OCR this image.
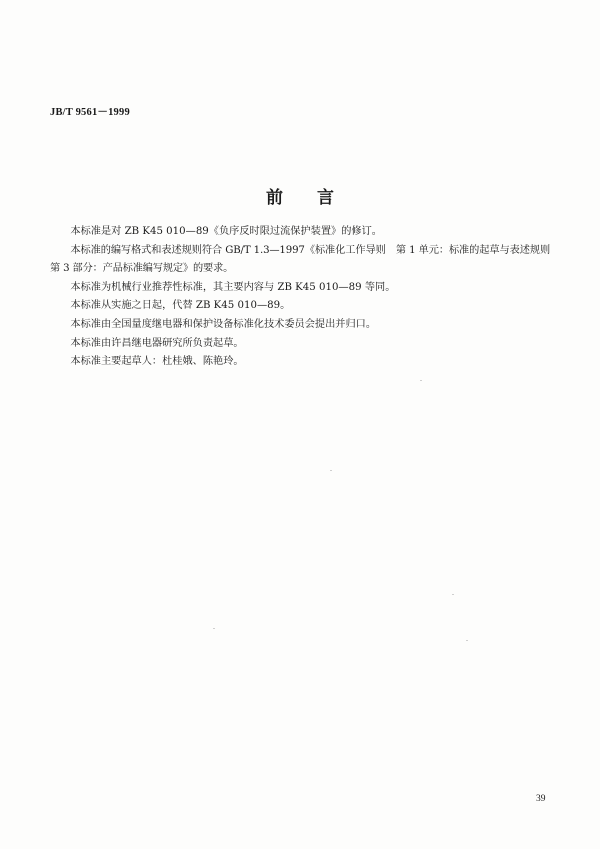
JB/T 9561－1999
前 言

本标准是对 ZB K45 010—89《负序反时限过流保护装置》的修订。

本标准的编写格式和表述规则符合 GB/T 1.3—1997《标准化工作导则　第 1 单元：标准的起草与表述规则　第 3 部分：产品标准编写规定》的要求。

本标准为机械行业推荐性标准，其主要内容与 ZB K45 010—89 等同。

本标准从实施之日起，代替 ZB K45 010—89。

本标准由全国量度继电器和保护设备标准化技术委员会提出并归口。

本标准由许昌继电器研究所负责起草。

本标准主要起草人：杜桂娥、陈艳玲。

39
